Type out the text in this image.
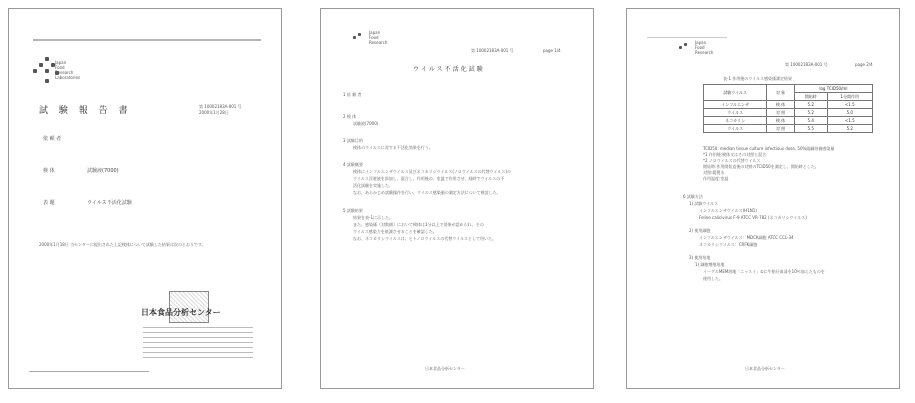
Japan
Food
Research
Laboratories
試 験 報 告 書	第 10002183A-001 号
2000年1月28日
依 頼 者
検 体	試験液(7000)
表 題	ウイルス不活化試験
2000年1月18日 当センターに提出された上記検体について試験した結果は次のとおりです。
日本食品分析センター
Japan
Food
Research
第 10002183A-001 号	page 1/4
ウイルス不活化試験
1 依 頼 者
2 検 体
試験液(7000)
3 試験目的
検体のウイルスに対する不活化効果を行う。
4 試験概要
検体にインフルエンザウイルス及びネコカリシウイルス(ノロウイルスの代替ウイルス)の
ウイルス浮遊液を添加し、混合し、作用後の、室温で作用させ、経時でウイルスの不
活化試験を実施した。
なお、あらかじめ試験操作を行い、ウイルス感染価の測定方法について検討した。
5 試験結果
結果を表-1に示した。
また、感染価（対数値）において検体は1分以上で効果が認められ、その
ウイルス感染力を低減させることを確認した。
なお、ネコカリシウイルスは、ヒトノロウイルスの代替ウイルスとして用いた。
日本食品分析センター
Japan
Food
Research
第 10002183A-001 号	page 2/4
表-1 作用後のウイルス感染価測定結果
試験ウイルス	対 象	log TCID50/ml	
		開始時	1分間作用
インフルエンザ	検 体	5.2	<1.5
ウイルス	対 照	5.2	5.0
ネコカリシ	検 体	5.4	<1.5
ウイルス	対 照	5.5	5.2
TCID50: median tissue culture infectious dose, 50%組織培養感染量
*1 作用後:検体又はその対照と混合
*2 ノロウイルスの代替ウイルス
開始時:作用開始直後の対照のTCID50を測定し、開始時とした。
対照:精製水
作用温度:室温
6 試験方法
1) 試験ウイルス
インフルエンザウイルス(H1N1)
Feline calicivirus F-9 ATCC VR-782 (ネコカリシウイルス)
2) 使用細胞
インフルエンザウイルス：MDCK細胞 ATCC CCL-34
ネコカリシウイルス：CRFK細胞
3) 使用培地
1) 細胞増殖培地
イーグルMEM培地「ニッスイ」①に牛胎仔血清を10％加えたものを
使用した。
日本食品分析センター
